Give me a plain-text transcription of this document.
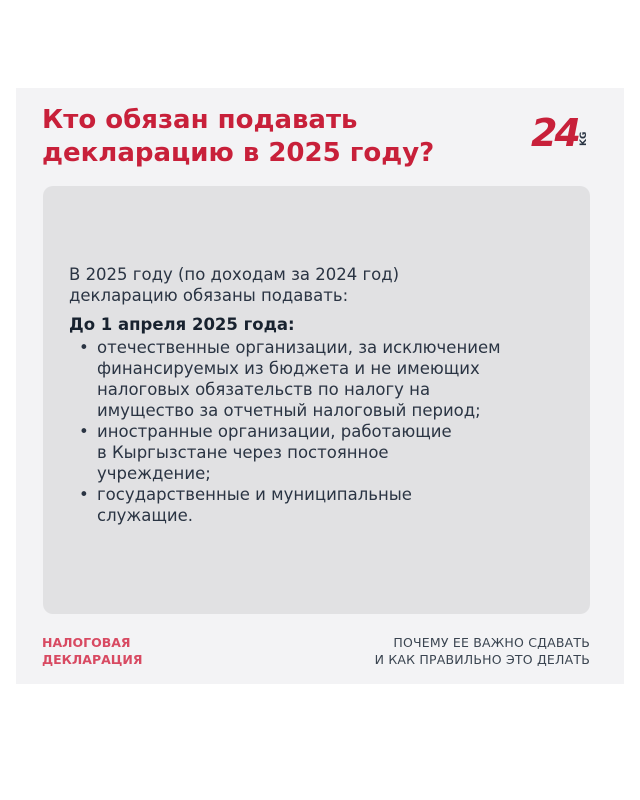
Кто обязан подавать
декларацию в 2025 году?	24 KG
В 2025 году (по доходам за 2024 год)
декларацию обязаны подавать:
До 1 апреля 2025 года:
• отечественные организации, за исключением
финансируемых из бюджета и не имеющих
налоговых обязательств по налогу на
имущество за отчетный налоговый период;
• иностранные организации, работающие
в Кыргызстане через постоянное
учреждение;
• государственные и муниципальные
служащие.
НАЛОГОВАЯ
ДЕКЛАРАЦИЯ
ПОЧЕМУ ЕЕ ВАЖНО СДАВАТЬ
И КАК ПРАВИЛЬНО ЭТО ДЕЛАТЬ
